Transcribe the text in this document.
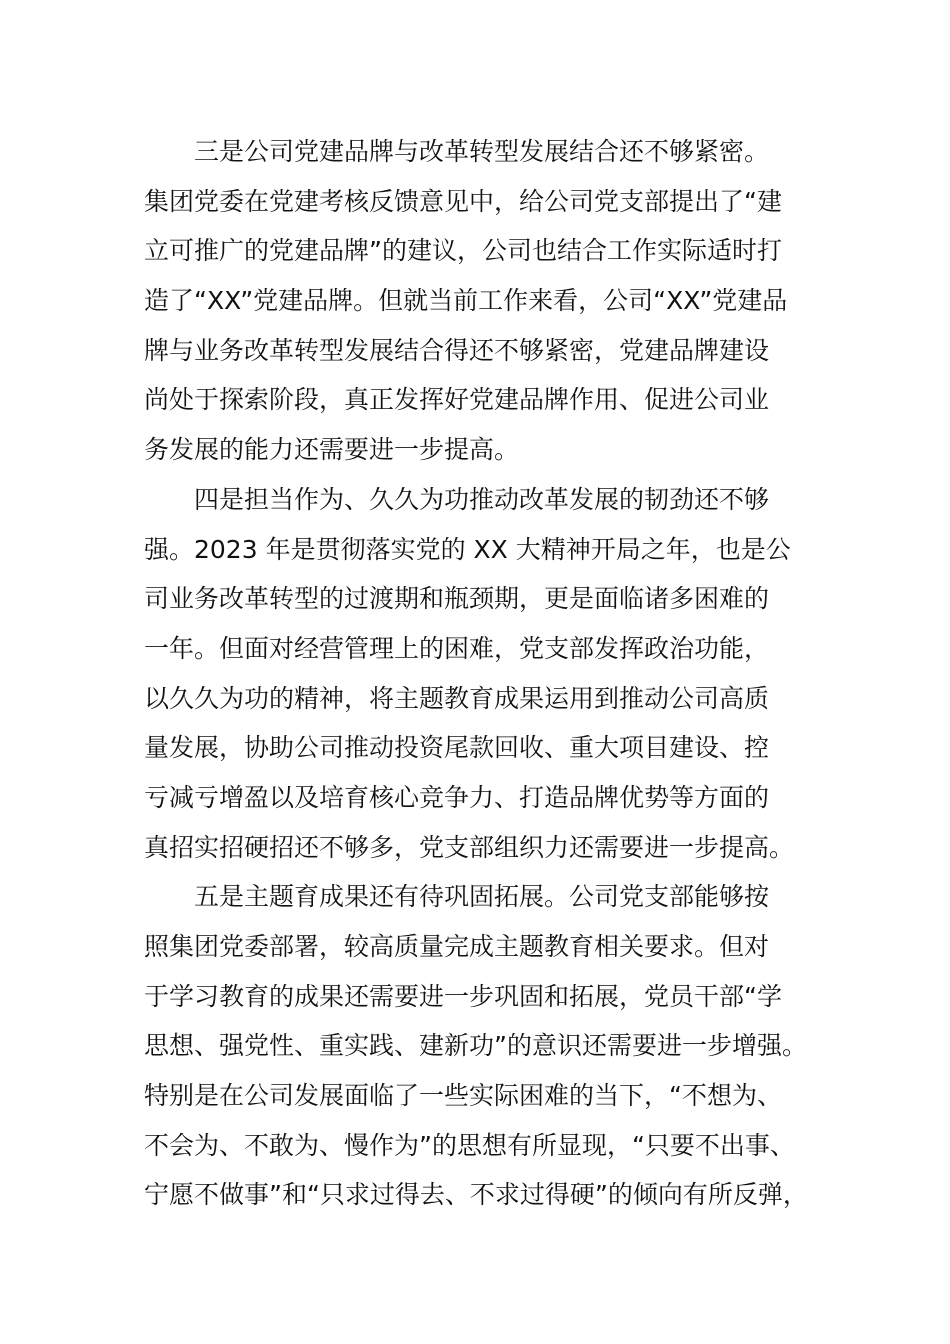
三是公司党建品牌与改革转型发展结合还不够紧密。
集团党委在党建考核反馈意见中，给公司党支部提出了“建
立可推广的党建品牌”的建议，公司也结合工作实际适时打
造了“XX”党建品牌。但就当前工作来看，公司“XX”党建品
牌与业务改革转型发展结合得还不够紧密，党建品牌建设
尚处于探索阶段，真正发挥好党建品牌作用、促进公司业
务发展的能力还需要进一步提高。
四是担当作为、久久为功推动改革发展的韧劲还不够
强。2023 年是贯彻落实党的 XX 大精神开局之年，也是公
司业务改革转型的过渡期和瓶颈期，更是面临诸多困难的
一年。但面对经营管理上的困难，党支部发挥政治功能，
以久久为功的精神，将主题教育成果运用到推动公司高质
量发展，协助公司推动投资尾款回收、重大项目建设、控
亏减亏增盈以及培育核心竞争力、打造品牌优势等方面的
真招实招硬招还不够多，党支部组织力还需要进一步提高。
五是主题育成果还有待巩固拓展。公司党支部能够按
照集团党委部署，较高质量完成主题教育相关要求。但对
于学习教育的成果还需要进一步巩固和拓展，党员干部“学
思想、强党性、重实践、建新功”的意识还需要进一步增强。
特别是在公司发展面临了一些实际困难的当下，“不想为、
不会为、不敢为、慢作为”的思想有所显现，“只要不出事、
宁愿不做事”和“只求过得去、不求过得硬”的倾向有所反弹，
